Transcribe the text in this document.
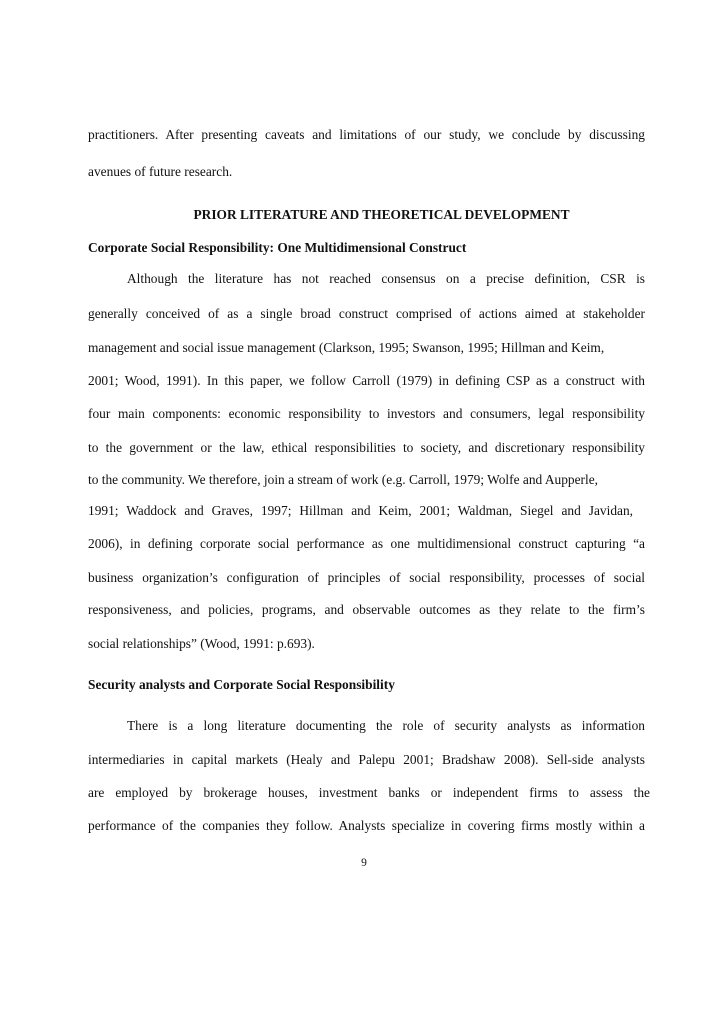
practitioners. After presenting caveats and limitations of our study, we conclude by discussing
avenues of future research.
PRIOR LITERATURE AND THEORETICAL DEVELOPMENT
Corporate Social Responsibility: One Multidimensional Construct
Although the literature has not reached consensus on a precise definition, CSR is
generally conceived of as a single broad construct comprised of actions aimed at stakeholder
management and social issue management (Clarkson, 1995; Swanson, 1995; Hillman and Keim,
2001; Wood, 1991). In this paper, we follow Carroll (1979) in defining CSP as a construct with
four main components: economic responsibility to investors and consumers, legal responsibility
to the government or the law, ethical responsibilities to society, and discretionary responsibility
to the community. We therefore, join a stream of work (e.g. Carroll, 1979; Wolfe and Aupperle,
1991; Waddock and Graves, 1997; Hillman and Keim, 2001; Waldman, Siegel and Javidan,
2006), in defining corporate social performance as one multidimensional construct capturing “a
business organization’s configuration of principles of social responsibility, processes of social
responsiveness, and policies, programs, and observable outcomes as they relate to the firm’s
social relationships” (Wood, 1991: p.693).
Security analysts and Corporate Social Responsibility
There is a long literature documenting the role of security analysts as information
intermediaries in capital markets (Healy and Palepu 2001; Bradshaw 2008). Sell-side analysts
are employed by brokerage houses, investment banks or independent firms to assess the
performance of the companies they follow. Analysts specialize in covering firms mostly within a
9
